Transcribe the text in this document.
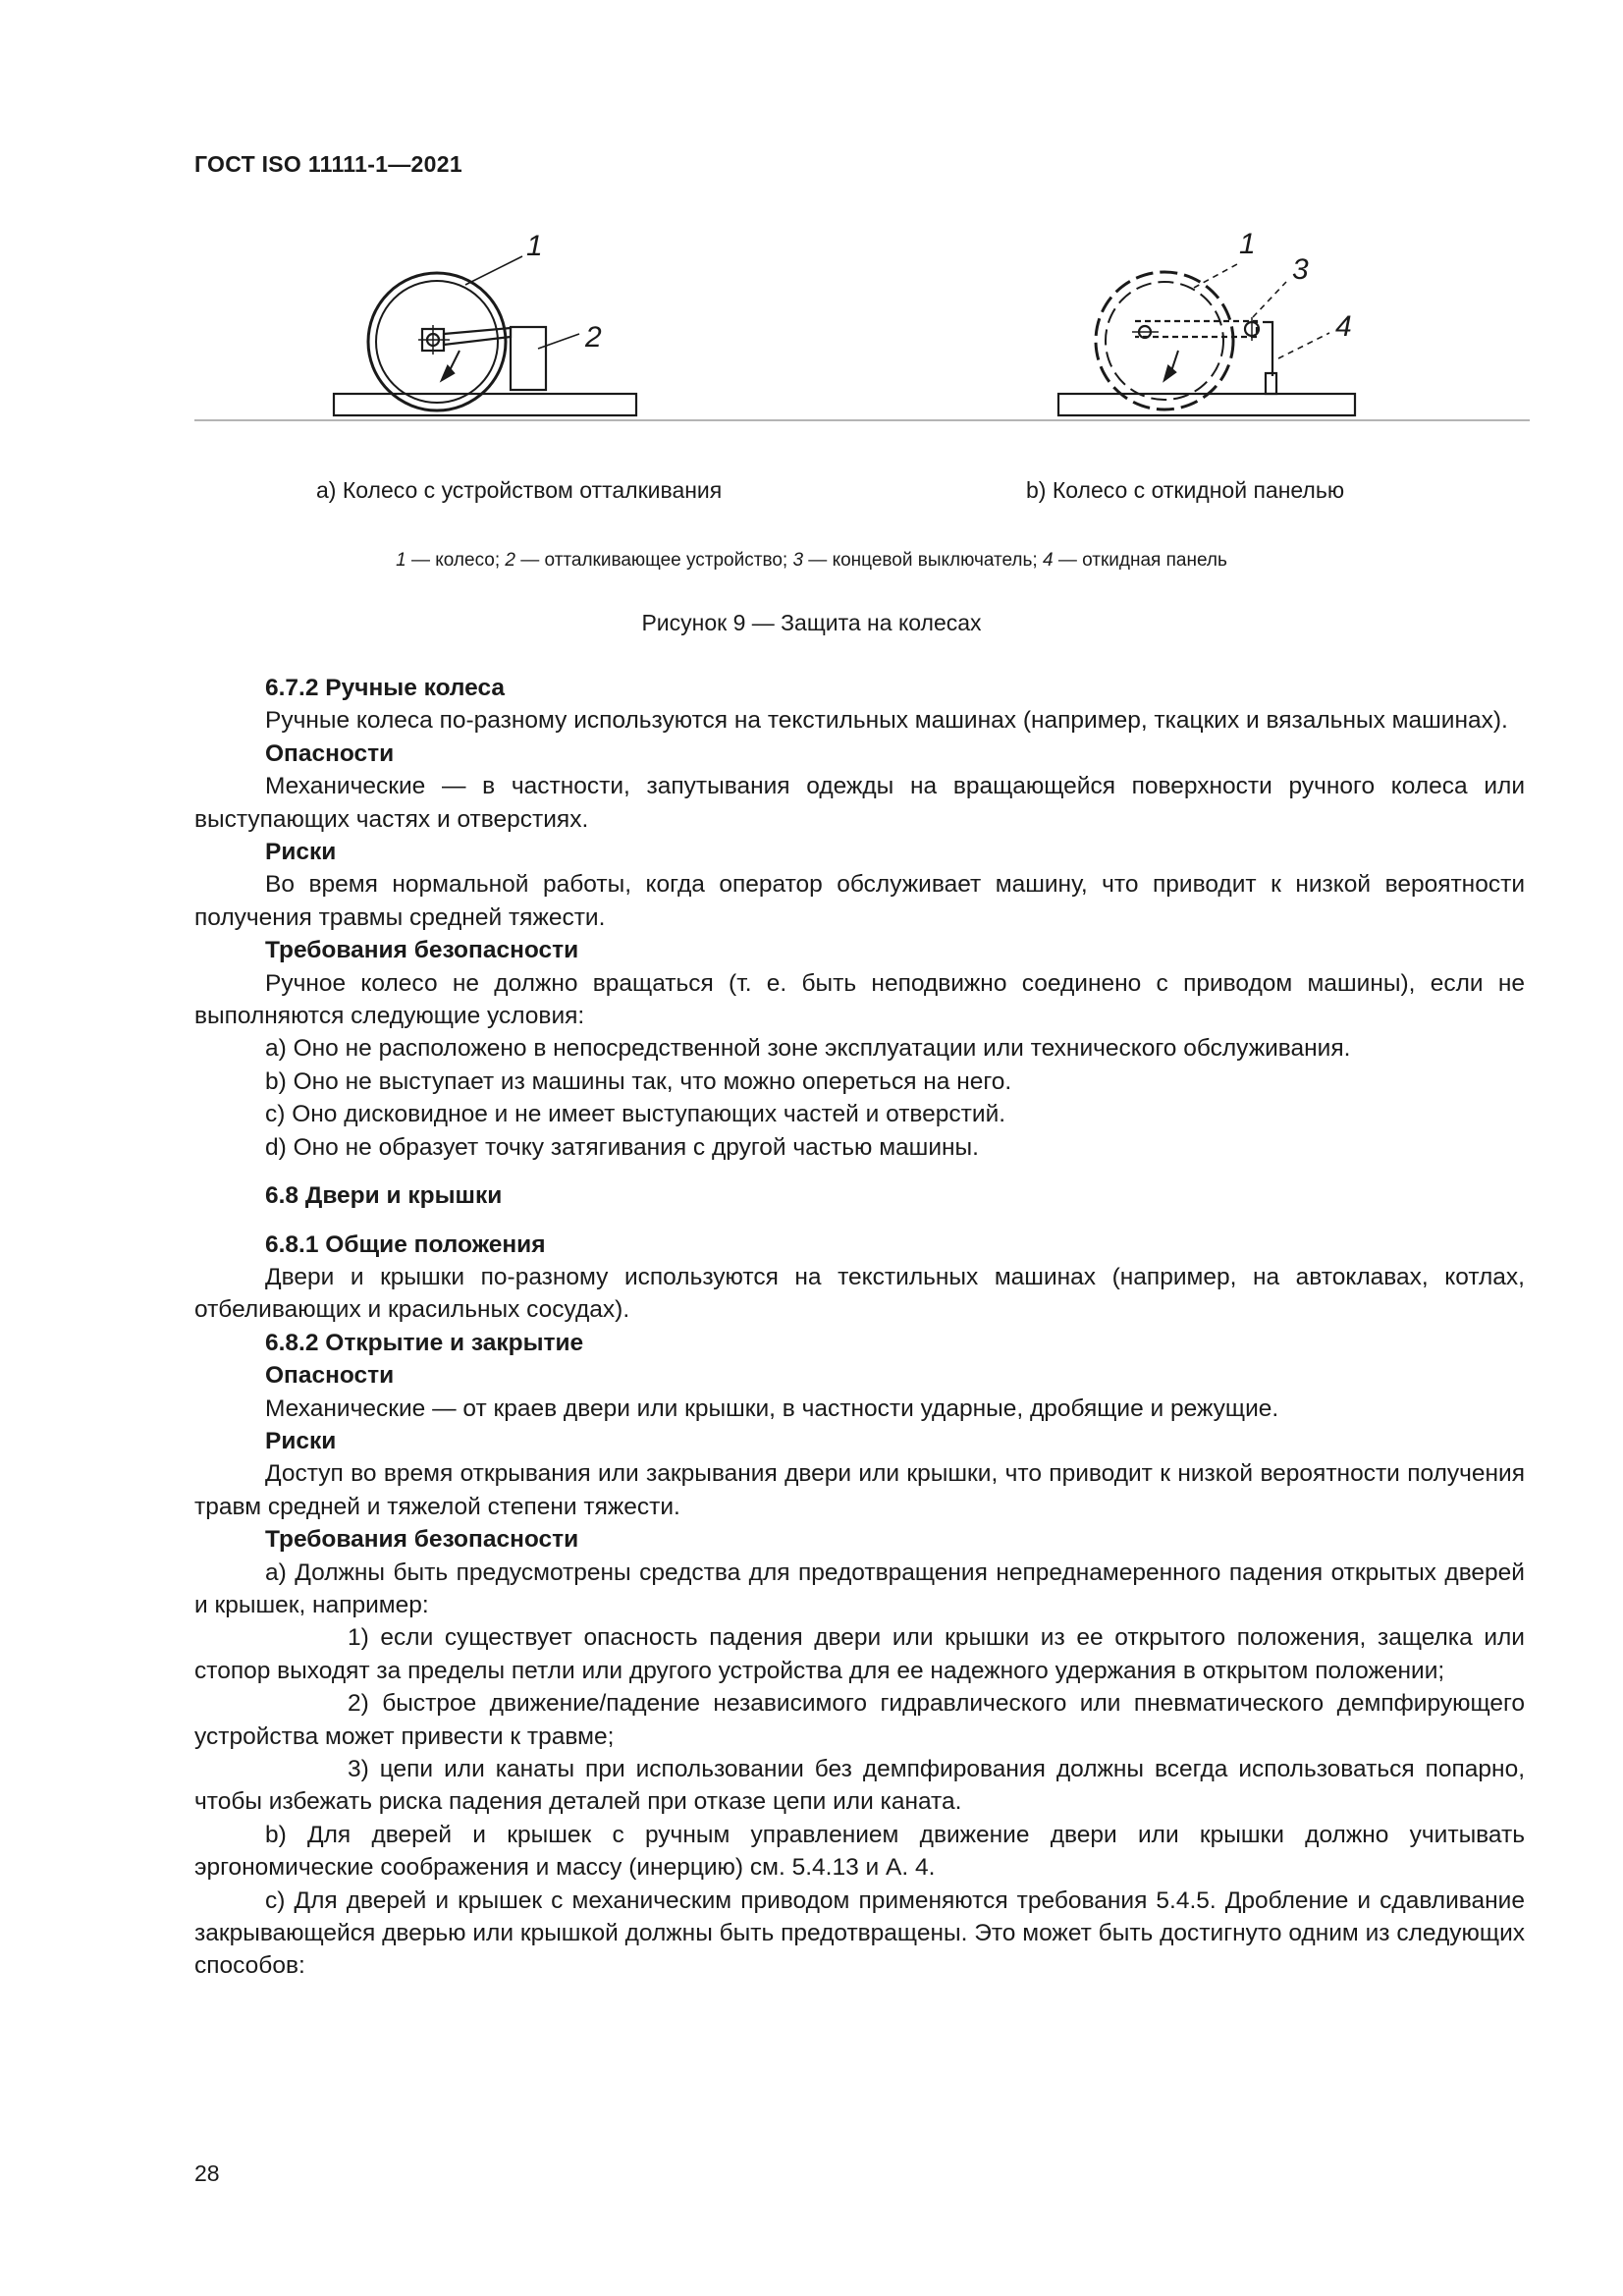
ГОСТ ISO 11111-1—2021
1
2
1
3
4
а) Колесо с устройством отталкивания	b) Колесо с откидной панелью
1 — колесо; 2 — отталкивающее устройство; 3 — концевой выключатель; 4 — откидная панель
Рисунок 9 — Защита на колесах

6.7.2 Ручные колеса

Ручные колеса по-разному используются на текстильных машинах (например, ткацких и вязальных машинах).

Опасности

Механические — в частности, запутывания одежды на вращающейся поверхности ручного колеса или выступающих частях и отверстиях.

Риски

Во время нормальной работы, когда оператор обслуживает машину, что приводит к низкой вероятности получения травмы средней тяжести.

Требования безопасности

Ручное колесо не должно вращаться (т. е. быть неподвижно соединено с приводом машины), если не выполняются следующие условия:

а) Оно не расположено в непосредственной зоне эксплуатации или технического обслуживания.

b) Оно не выступает из машины так, что можно опереться на него.

c) Оно дисковидное и не имеет выступающих частей и отверстий.

d) Оно не образует точку затягивания с другой частью машины.

6.8 Двери и крышки

6.8.1 Общие положения

Двери и крышки по-разному используются на текстильных машинах (например, на автоклавах, котлах, отбеливающих и красильных сосудах).

6.8.2 Открытие и закрытие

Опасности

Механические — от краев двери или крышки, в частности ударные, дробящие и режущие.

Риски

Доступ во время открывания или закрывания двери или крышки, что приводит к низкой вероятности получения травм средней и тяжелой степени тяжести.

Требования безопасности

а) Должны быть предусмотрены средства для предотвращения непреднамеренного падения открытых дверей и крышек, например:

1) если существует опасность падения двери или крышки из ее открытого положения, защелка или стопор выходят за пределы петли или другого устройства для ее надежного удержания в открытом положении;

2) быстрое движение/падение независимого гидравлического или пневматического демпфирующего устройства может привести к травме;

3) цепи или канаты при использовании без демпфирования должны всегда использоваться попарно, чтобы избежать риска падения деталей при отказе цепи или каната.

b) Для дверей и крышек с ручным управлением движение двери или крышки должно учитывать эргономические соображения и массу (инерцию) см. 5.4.13 и А. 4.

c) Для дверей и крышек с механическим приводом применяются требования 5.4.5. Дробление и сдавливание закрывающейся дверью или крышкой должны быть предотвращены. Это может быть достигнуто одним из следующих способов:

28
